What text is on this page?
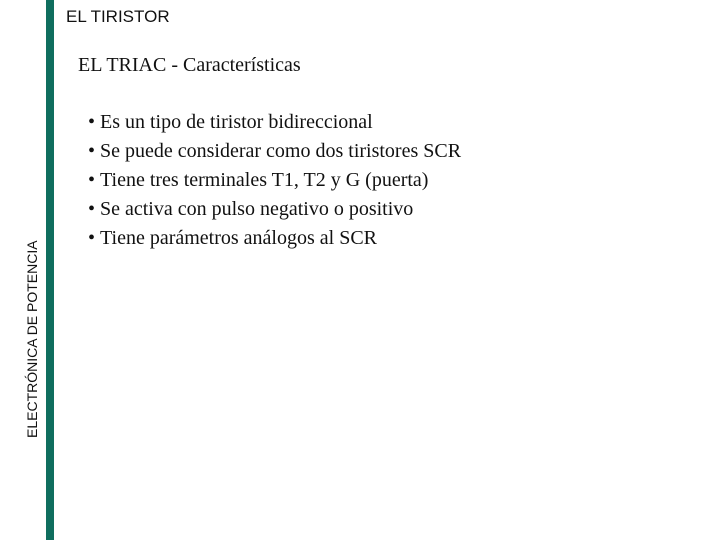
EL TIRISTOR
ELECTRÓNICA DE POTENCIA
EL TRIAC - Características
• Es un tipo de tiristor bidireccional
• Se puede considerar como dos tiristores SCR
• Tiene tres terminales T1, T2 y G (puerta)
• Se activa con pulso negativo o positivo
• Tiene parámetros análogos al SCR
